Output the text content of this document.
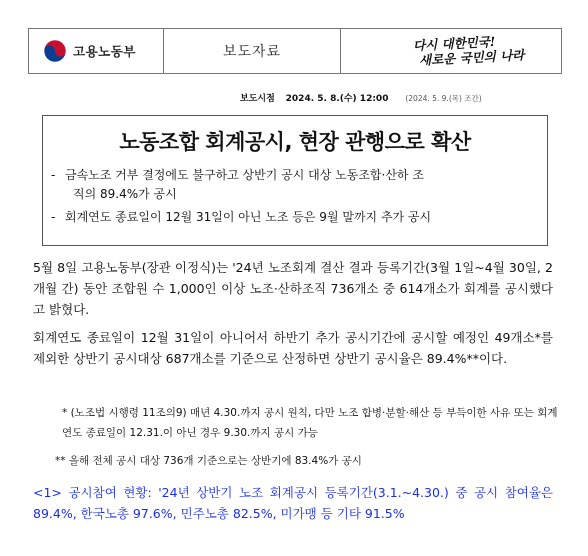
고용노동부	보도자료	다시 대한민국!
새로운 국민의 나라
보도시점 2024. 5. 8.(수) 12:00 (2024. 5. 9.(목) 조간)
노동조합 회계공시, 현장 관행으로 확산
- 금속노조 거부 결정에도 불구하고 상반기 공시 대상 노동조합·산하 조
직의 89.4%가 공시
- 회계연도 종료일이 12월 31일이 아닌 노조 등은 9월 말까지 추가 공시
5월 8일 고용노동부(장관 이정식)는 '24년 노조회계 결산 결과 등록기간(3월 1일~4월 30일, 2개월 간) 동안 조합원 수 1,000인 이상 노조·산하조직 736개소 중 614개소가 회계를 공시했다고 밝혔다.
회계연도 종료일이 12월 31일이 아니어서 하반기 추가 공시기간에 공시할 예정인 49개소*를 제외한 상반기 공시대상 687개소를 기준으로 산정하면 상반기 공시율은 89.4%**이다.
* (노조법 시행령 11조의9) 매년 4.30.까지 공시 원칙, 다만 노조 합병·분할·해산 등 부득이한 사유 또는 회계연도 종료일이 12.31.이 아닌 경우 9.30.까지 공시 가능
** 올해 전체 공시 대상 736개 기준으로는 상반기에 83.4%가 공시
<1> 공시참여 현황: '24년 상반기 노조 회계공시 등록기간(3.1.~4.30.) 중 공시 참여율은 89.4%, 한국노총 97.6%, 민주노총 82.5%, 미가맹 등 기타 91.5%
